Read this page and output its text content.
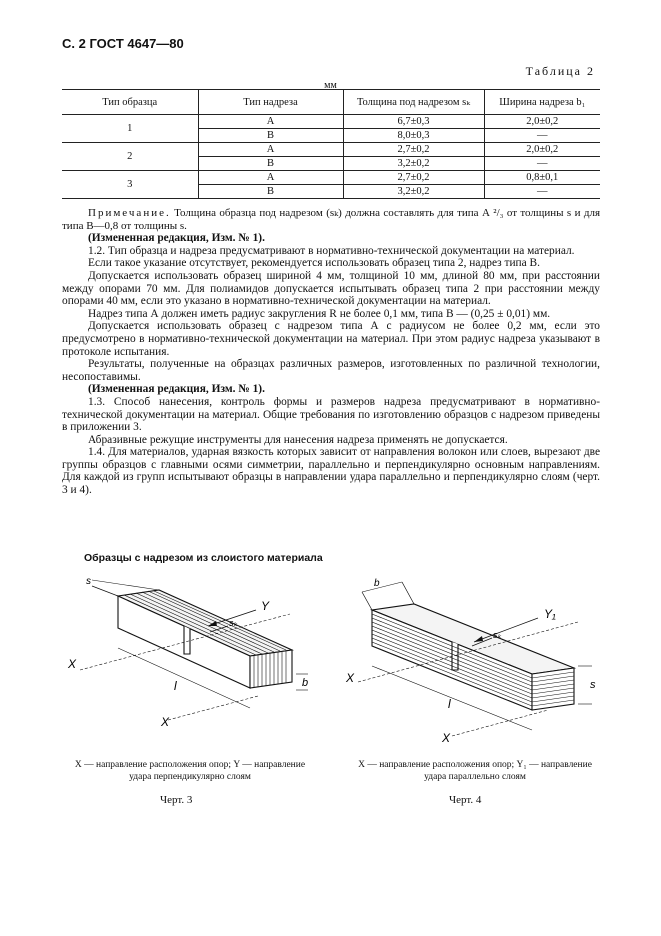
С. 2 ГОСТ 4647—80
Таблица 2
мм
Тип образца	Тип надреза	Толщина под надрезом sₖ	Ширина надреза b₁
1	А	6,7±0,3	2,0±0,2
	В	8,0±0,3	—
2	А	2,7±0,2	2,0±0,2
	В	3,2±0,2	—
3	А	2,7±0,2	0,8±0,1
	В	3,2±0,2	—

Примечание. Толщина образца под надрезом (sₖ) должна составлять для типа А ²/₃ от толщины s и для типа В—0,8 от толщины s.

(Измененная редакция, Изм. № 1).

1.2. Тип образца и надреза предусматривают в нормативно-технической документации на материал.

Если такое указание отсутствует, рекомендуется использовать образец типа 2, надрез типа В.

Допускается использовать образец шириной 4 мм, толщиной 10 мм, длиной 80 мм, при расстоянии между опорами 70 мм. Для полиамидов допускается испытывать образец типа 2 при расстоянии между опорами 40 мм, если это указано в нормативно-технической документации на материал.

Надрез типа А должен иметь радиус закругления R не более 0,1 мм, типа В — (0,25 ± 0,01) мм.

Допускается использовать образец с надрезом типа А с радиусом не более 0,2 мм, если это предусмотрено в нормативно-технической документации на материал. При этом радиус надреза указывают в протоколе испытания.

Результаты, полученные на образцах различных размеров, изготовленных по различной технологии, несопоставимы.

(Измененная редакция, Изм. № 1).

1.3. Способ нанесения, контроль формы и размеров надреза предусматривают в нормативно-технической документации на материал. Общие требования по изготовлению образцов с надрезом приведены в приложении 3.

Абразивные режущие инструменты для нанесения надреза применять не допускается.

1.4. Для материалов, ударная вязкость которых зависит от направления волокон или слоев, вырезают две группы образцов с главными осями симметрии, параллельно и перпендикулярно основным направлениям. Для каждой из групп испытывают образцы в направлении удара параллельно и перпендикулярно слоям (черт. 3 и 4).

Образцы с надрезом из слоистого материала
s
sₖ
Y
X
l	b
X
b
sₖ
Y₁
X
l
s
X
X — направление расположения опор; Y — направление
удара перпендикулярно слоям
X — направление расположения опор; Y₁ — направление
удара параллельно слоям
Черт. 3	Черт. 4
